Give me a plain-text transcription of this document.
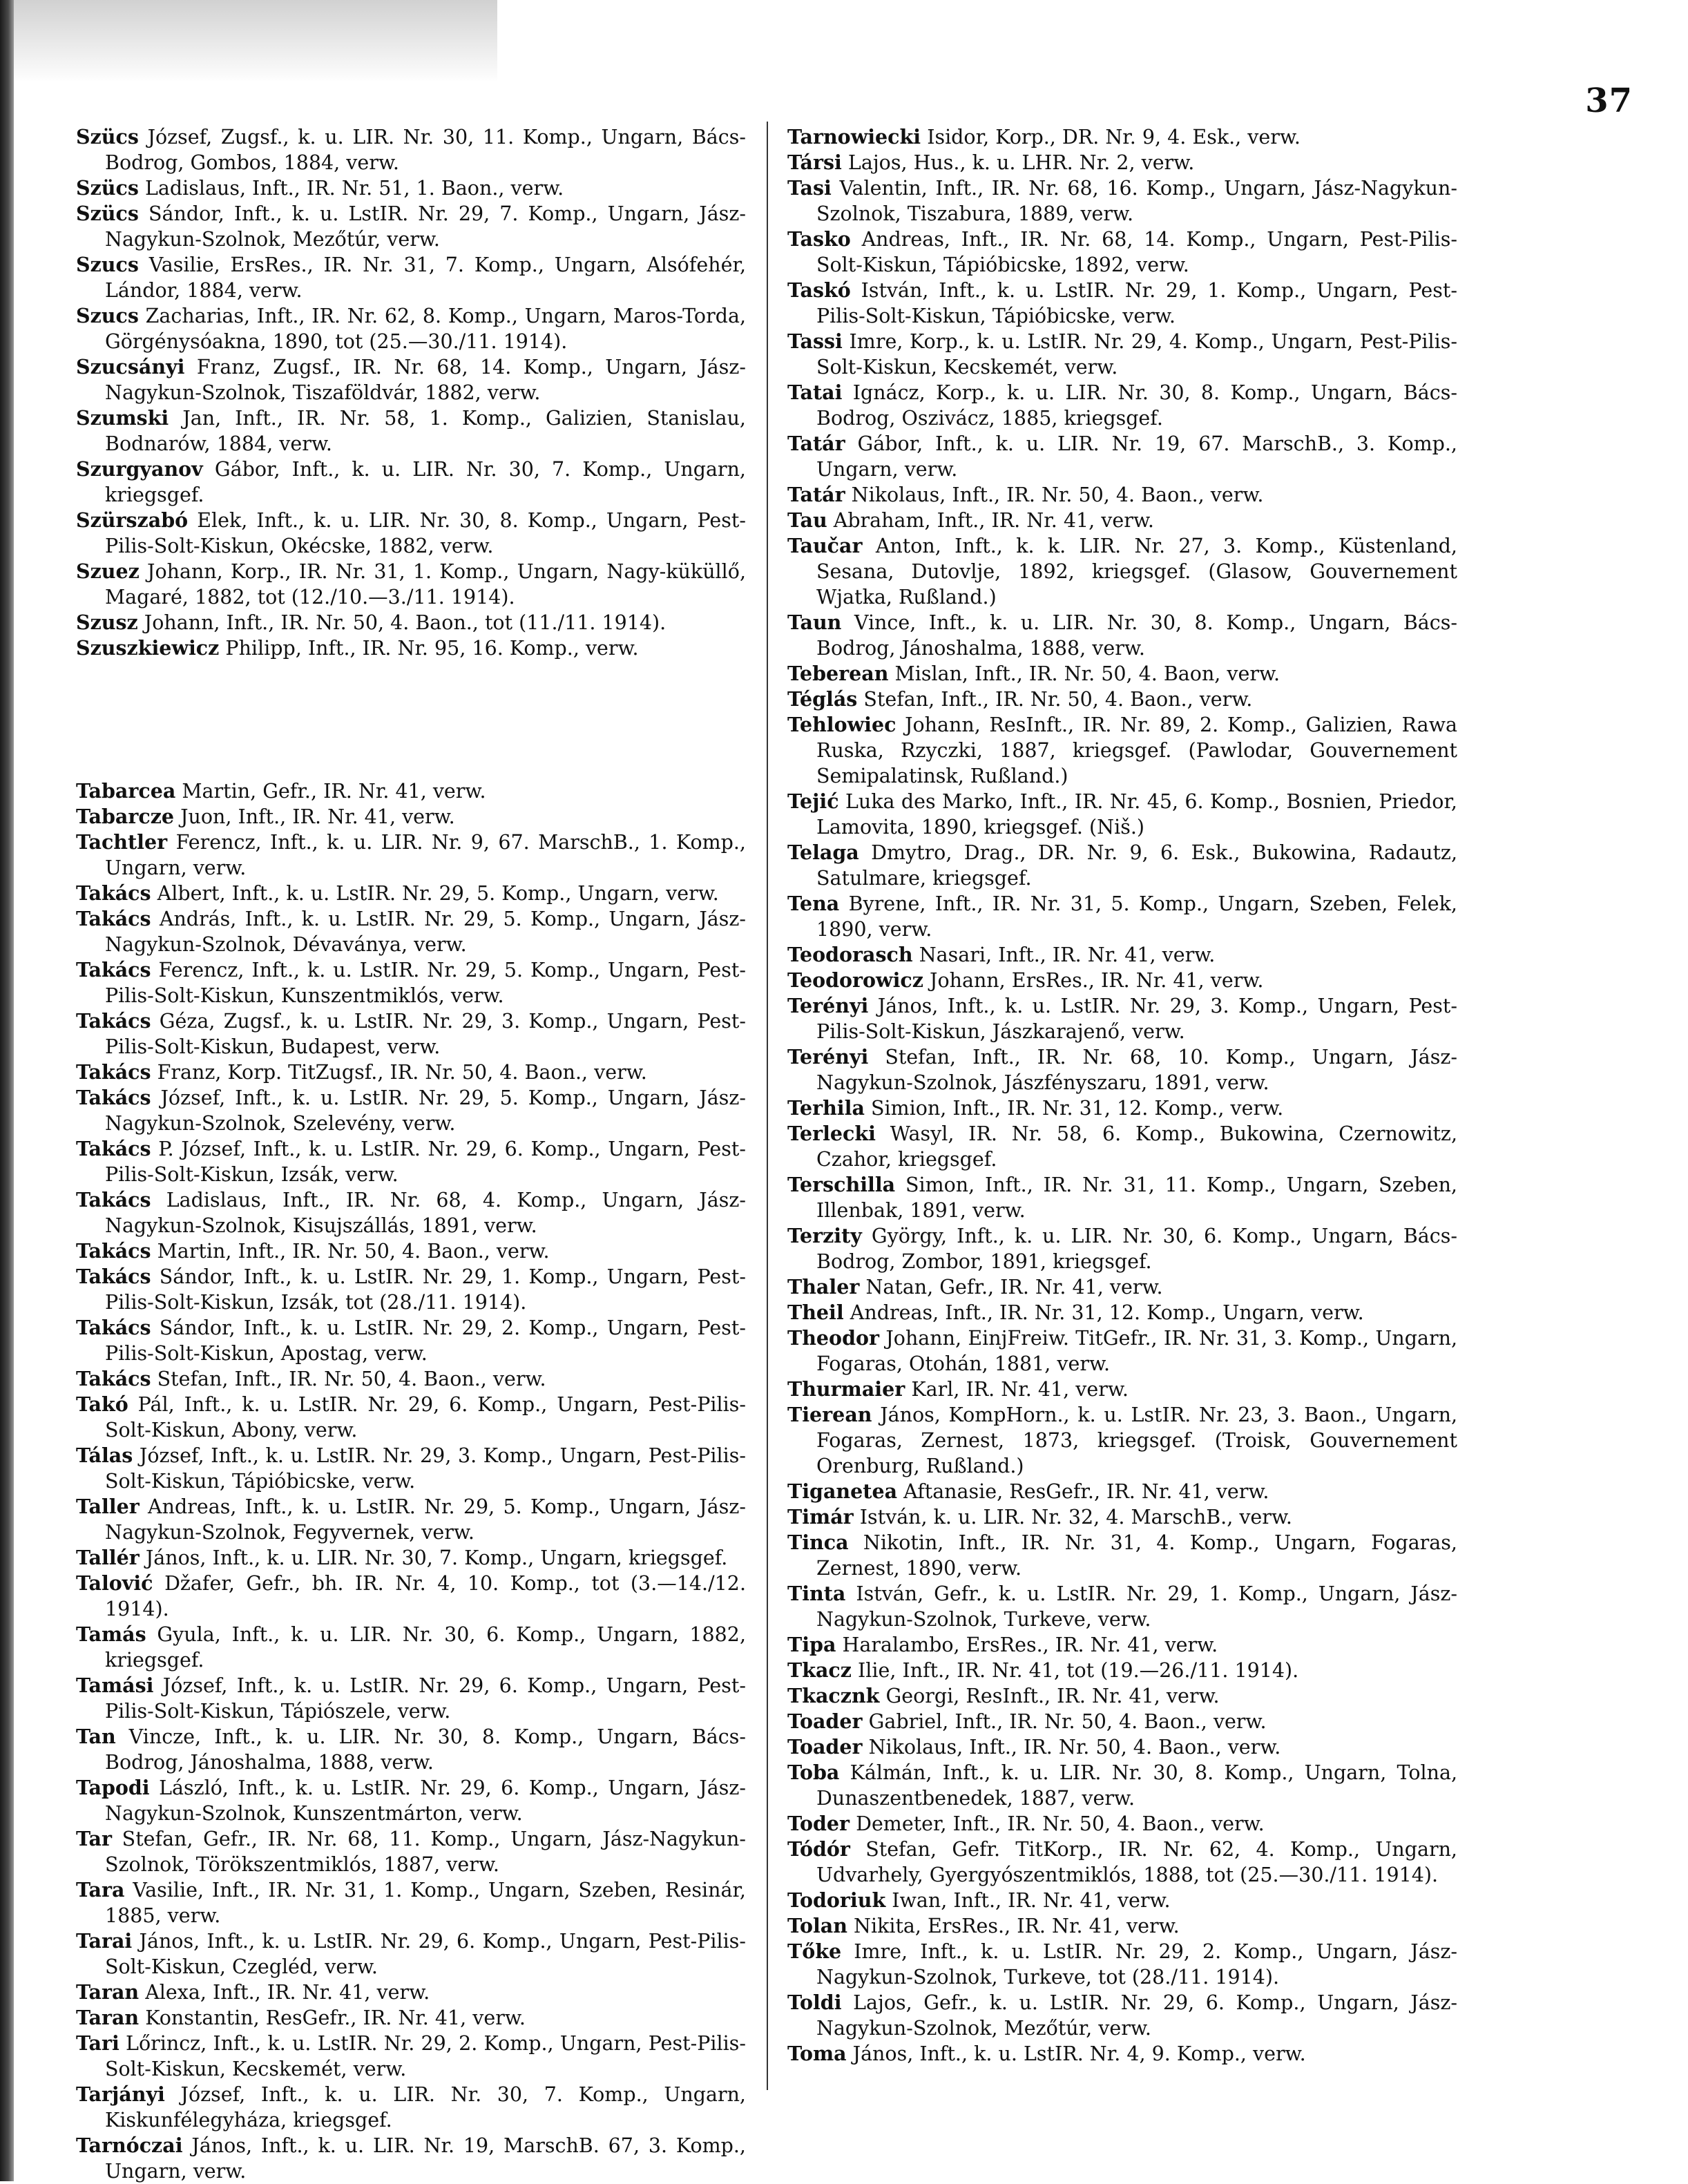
37

Szücs József, Zugsf., k. u. LIR. Nr. 30, 11. Komp., Ungarn, Bács-Bodrog, Gombos, 1884, verw.

Szücs Ladislaus, Inft., IR. Nr. 51, 1. Baon., verw.

Szücs Sándor, Inft., k. u. LstIR. Nr. 29, 7. Komp., Ungarn, Jász-Nagykun-Szolnok, Mezőtúr, verw.

Szucs Vasilie, ErsRes., IR. Nr. 31, 7. Komp., Ungarn, Alsófehér, Lándor, 1884, verw.

Szucs Zacharias, Inft., IR. Nr. 62, 8. Komp., Ungarn, Maros-Torda, Görgénysóakna, 1890, tot (25.—30./11. 1914).

Szucsányi Franz, Zugsf., IR. Nr. 68, 14. Komp., Ungarn, Jász-Nagykun-Szolnok, Tiszaföldvár, 1882, verw.

Szumski Jan, Inft., IR. Nr. 58, 1. Komp., Galizien, Stanislau, Bodnarów, 1884, verw.

Szurgyanov Gábor, Inft., k. u. LIR. Nr. 30, 7. Komp., Ungarn, kriegsgef.

Szürszabó Elek, Inft., k. u. LIR. Nr. 30, 8. Komp., Ungarn, Pest-Pilis-Solt-Kiskun, Okécske, 1882, verw.

Szuez Johann, Korp., IR. Nr. 31, 1. Komp., Ungarn, Nagy-küküllő, Magaré, 1882, tot (12./10.—3./11. 1914).

Szusz Johann, Inft., IR. Nr. 50, 4. Baon., tot (11./11. 1914).

Szuszkiewicz Philipp, Inft., IR. Nr. 95, 16. Komp., verw.

Tabarcea Martin, Gefr., IR. Nr. 41, verw.

Tabarcze Juon, Inft., IR. Nr. 41, verw.

Tachtler Ferencz, Inft., k. u. LIR. Nr. 9, 67. MarschB., 1. Komp., Ungarn, verw.

Takács Albert, Inft., k. u. LstIR. Nr. 29, 5. Komp., Ungarn, verw.

Takács András, Inft., k. u. LstIR. Nr. 29, 5. Komp., Ungarn, Jász-Nagykun-Szolnok, Dévaványa, verw.

Takács Ferencz, Inft., k. u. LstIR. Nr. 29, 5. Komp., Ungarn, Pest-Pilis-Solt-Kiskun, Kunszentmiklós, verw.

Takács Géza, Zugsf., k. u. LstIR. Nr. 29, 3. Komp., Ungarn, Pest-Pilis-Solt-Kiskun, Budapest, verw.

Takács Franz, Korp. TitZugsf., IR. Nr. 50, 4. Baon., verw.

Takács József, Inft., k. u. LstIR. Nr. 29, 5. Komp., Ungarn, Jász-Nagykun-Szolnok, Szelevény, verw.

Takács P. József, Inft., k. u. LstIR. Nr. 29, 6. Komp., Ungarn, Pest-Pilis-Solt-Kiskun, Izsák, verw.

Takács Ladislaus, Inft., IR. Nr. 68, 4. Komp., Ungarn, Jász-Nagykun-Szolnok, Kisujszállás, 1891, verw.

Takács Martin, Inft., IR. Nr. 50, 4. Baon., verw.

Takács Sándor, Inft., k. u. LstIR. Nr. 29, 1. Komp., Ungarn, Pest-Pilis-Solt-Kiskun, Izsák, tot (28./11. 1914).

Takács Sándor, Inft., k. u. LstIR. Nr. 29, 2. Komp., Ungarn, Pest-Pilis-Solt-Kiskun, Apostag, verw.

Takács Stefan, Inft., IR. Nr. 50, 4. Baon., verw.

Takó Pál, Inft., k. u. LstIR. Nr. 29, 6. Komp., Ungarn, Pest-Pilis-Solt-Kiskun, Abony, verw.

Tálas József, Inft., k. u. LstIR. Nr. 29, 3. Komp., Ungarn, Pest-Pilis-Solt-Kiskun, Tápióbicske, verw.

Taller Andreas, Inft., k. u. LstIR. Nr. 29, 5. Komp., Ungarn, Jász-Nagykun-Szolnok, Fegyvernek, verw.

Tallér János, Inft., k. u. LIR. Nr. 30, 7. Komp., Ungarn, kriegsgef.

Talović Džafer, Gefr., bh. IR. Nr. 4, 10. Komp., tot (3.—14./12. 1914).

Tamás Gyula, Inft., k. u. LIR. Nr. 30, 6. Komp., Ungarn, 1882, kriegsgef.

Tamási József, Inft., k. u. LstIR. Nr. 29, 6. Komp., Ungarn, Pest-Pilis-Solt-Kiskun, Tápiószele, verw.

Tan Vincze, Inft., k. u. LIR. Nr. 30, 8. Komp., Ungarn, Bács-Bodrog, Jánoshalma, 1888, verw.

Tapodi László, Inft., k. u. LstIR. Nr. 29, 6. Komp., Ungarn, Jász-Nagykun-Szolnok, Kunszentmárton, verw.

Tar Stefan, Gefr., IR. Nr. 68, 11. Komp., Ungarn, Jász-Nagykun-Szolnok, Törökszentmiklós, 1887, verw.

Tara Vasilie, Inft., IR. Nr. 31, 1. Komp., Ungarn, Szeben, Resinár, 1885, verw.

Tarai János, Inft., k. u. LstIR. Nr. 29, 6. Komp., Ungarn, Pest-Pilis-Solt-Kiskun, Czegléd, verw.

Taran Alexa, Inft., IR. Nr. 41, verw.

Taran Konstantin, ResGefr., IR. Nr. 41, verw.

Tari Lőrincz, Inft., k. u. LstIR. Nr. 29, 2. Komp., Ungarn, Pest-Pilis-Solt-Kiskun, Kecskemét, verw.

Tarjányi József, Inft., k. u. LIR. Nr. 30, 7. Komp., Ungarn, Kiskunfélegyháza, kriegsgef.

Tarnóczai János, Inft., k. u. LIR. Nr. 19, MarschB. 67, 3. Komp., Ungarn, verw.

Tarnowiecki Isidor, Korp., DR. Nr. 9, 4. Esk., verw.

Társi Lajos, Hus., k. u. LHR. Nr. 2, verw.

Tasi Valentin, Inft., IR. Nr. 68, 16. Komp., Ungarn, Jász-Nagykun-Szolnok, Tiszabura, 1889, verw.

Tasko Andreas, Inft., IR. Nr. 68, 14. Komp., Ungarn, Pest-Pilis-Solt-Kiskun, Tápióbicske, 1892, verw.

Taskó István, Inft., k. u. LstIR. Nr. 29, 1. Komp., Ungarn, Pest-Pilis-Solt-Kiskun, Tápióbicske, verw.

Tassi Imre, Korp., k. u. LstIR. Nr. 29, 4. Komp., Ungarn, Pest-Pilis-Solt-Kiskun, Kecskemét, verw.

Tatai Ignácz, Korp., k. u. LIR. Nr. 30, 8. Komp., Ungarn, Bács-Bodrog, Oszivácz, 1885, kriegsgef.

Tatár Gábor, Inft., k. u. LIR. Nr. 19, 67. MarschB., 3. Komp., Ungarn, verw.

Tatár Nikolaus, Inft., IR. Nr. 50, 4. Baon., verw.

Tau Abraham, Inft., IR. Nr. 41, verw.

Taučar Anton, Inft., k. k. LIR. Nr. 27, 3. Komp., Küstenland, Sesana, Dutovlje, 1892, kriegsgef. (Glasow, Gouvernement Wjatka, Rußland.)

Taun Vince, Inft., k. u. LIR. Nr. 30, 8. Komp., Ungarn, Bács-Bodrog, Jánoshalma, 1888, verw.

Teberean Mislan, Inft., IR. Nr. 50, 4. Baon, verw.

Téglás Stefan, Inft., IR. Nr. 50, 4. Baon., verw.

Tehlowiec Johann, ResInft., IR. Nr. 89, 2. Komp., Galizien, Rawa Ruska, Rzyczki, 1887, kriegsgef. (Pawlodar, Gouvernement Semipalatinsk, Rußland.)

Tejić Luka des Marko, Inft., IR. Nr. 45, 6. Komp., Bosnien, Priedor, Lamovita, 1890, kriegsgef. (Niš.)

Telaga Dmytro, Drag., DR. Nr. 9, 6. Esk., Bukowina, Radautz, Satulmare, kriegsgef.

Tena Byrene, Inft., IR. Nr. 31, 5. Komp., Ungarn, Szeben, Felek, 1890, verw.

Teodorasch Nasari, Inft., IR. Nr. 41, verw.

Teodorowicz Johann, ErsRes., IR. Nr. 41, verw.

Terényi János, Inft., k. u. LstIR. Nr. 29, 3. Komp., Ungarn, Pest-Pilis-Solt-Kiskun, Jászkarajenő, verw.

Terényi Stefan, Inft., IR. Nr. 68, 10. Komp., Ungarn, Jász-Nagykun-Szolnok, Jászfényszaru, 1891, verw.

Terhila Simion, Inft., IR. Nr. 31, 12. Komp., verw.

Terlecki Wasyl, IR. Nr. 58, 6. Komp., Bukowina, Czernowitz, Czahor, kriegsgef.

Terschilla Simon, Inft., IR. Nr. 31, 11. Komp., Ungarn, Szeben, Illenbak, 1891, verw.

Terzity György, Inft., k. u. LIR. Nr. 30, 6. Komp., Ungarn, Bács-Bodrog, Zombor, 1891, kriegsgef.

Thaler Natan, Gefr., IR. Nr. 41, verw.

Theil Andreas, Inft., IR. Nr. 31, 12. Komp., Ungarn, verw.

Theodor Johann, EinjFreiw. TitGefr., IR. Nr. 31, 3. Komp., Ungarn, Fogaras, Otohán, 1881, verw.

Thurmaier Karl, IR. Nr. 41, verw.

Tierean János, KompHorn., k. u. LstIR. Nr. 23, 3. Baon., Ungarn, Fogaras, Zernest, 1873, kriegsgef. (Troisk, Gouvernement Orenburg, Rußland.)

Tiganetea Aftanasie, ResGefr., IR. Nr. 41, verw.

Timár István, k. u. LIR. Nr. 32, 4. MarschB., verw.

Tinca Nikotin, Inft., IR. Nr. 31, 4. Komp., Ungarn, Fogaras, Zernest, 1890, verw.

Tinta István, Gefr., k. u. LstIR. Nr. 29, 1. Komp., Ungarn, Jász-Nagykun-Szolnok, Turkeve, verw.

Tipa Haralambo, ErsRes., IR. Nr. 41, verw.

Tkacz Ilie, Inft., IR. Nr. 41, tot (19.—26./11. 1914).

Tkacznk Georgi, ResInft., IR. Nr. 41, verw.

Toader Gabriel, Inft., IR. Nr. 50, 4. Baon., verw.

Toader Nikolaus, Inft., IR. Nr. 50, 4. Baon., verw.

Toba Kálmán, Inft., k. u. LIR. Nr. 30, 8. Komp., Ungarn, Tolna, Dunaszentbenedek, 1887, verw.

Toder Demeter, Inft., IR. Nr. 50, 4. Baon., verw.

Tódór Stefan, Gefr. TitKorp., IR. Nr. 62, 4. Komp., Ungarn, Udvarhely, Gyergyószentmiklós, 1888, tot (25.—30./11. 1914).

Todoriuk Iwan, Inft., IR. Nr. 41, verw.

Tolan Nikita, ErsRes., IR. Nr. 41, verw.

Tőke Imre, Inft., k. u. LstIR. Nr. 29, 2. Komp., Ungarn, Jász-Nagykun-Szolnok, Turkeve, tot (28./11. 1914).

Toldi Lajos, Gefr., k. u. LstIR. Nr. 29, 6. Komp., Ungarn, Jász-Nagykun-Szolnok, Mezőtúr, verw.

Toma János, Inft., k. u. LstIR. Nr. 4, 9. Komp., verw.
